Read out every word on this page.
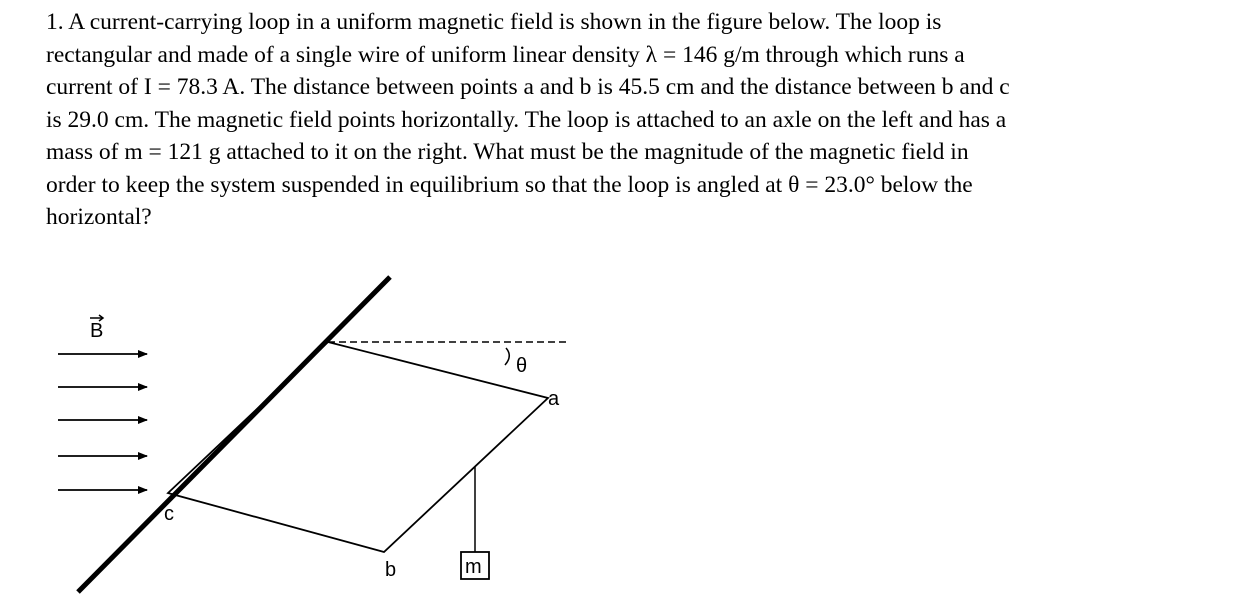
1. A current-carrying loop in a uniform magnetic field is shown in the figure below. The loop is
rectangular and made of a single wire of uniform linear density λ = 146 g/m through which runs a
current of I = 78.3 A. The distance between points a and b is 45.5 cm and the distance between b and c
is 29.0 cm. The magnetic field points horizontally. The loop is attached to an axle on the left and has a
mass of m = 121 g attached to it on the right. What must be the magnitude of the magnetic field in
order to keep the system suspended in equilibrium so that the loop is angled at θ = 23.0° below the
horizontal?
B
θ
a
b
c
m
